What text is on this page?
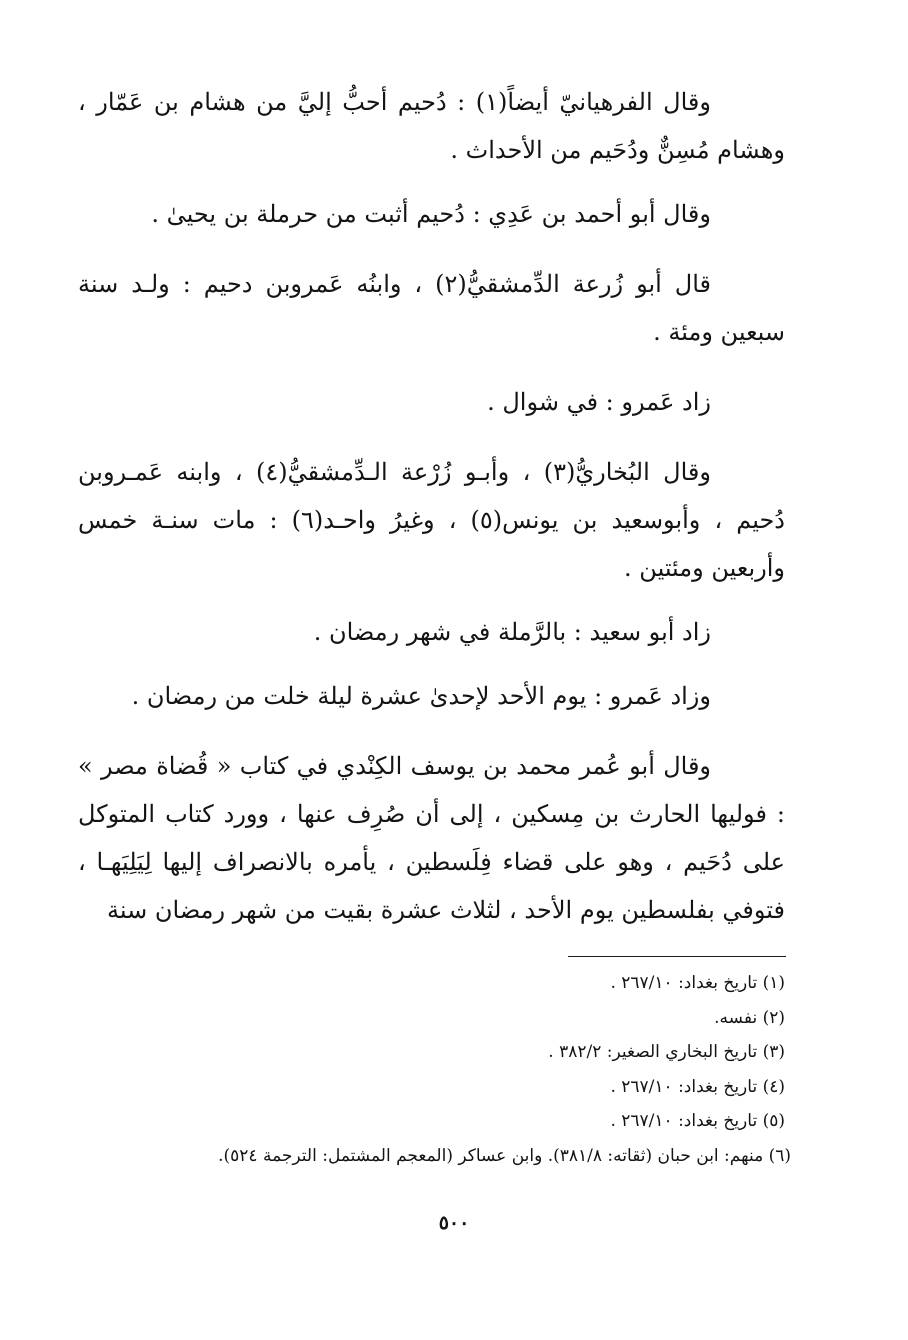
وقال الفرهيانيّ أيضاً(١) : دُحيم أحبُّ إليَّ من هشام بن عَمّار ، وهشام مُسِنٌّ ودُحَيم من الأحداث .

وقال أبو أحمد بن عَدِي : دُحيم أثبت من حرملة بن يحيىٰ .

قال أبو زُرعة الدِّمشقيُّ(٢) ، وابنُه عَمروبن دحيم : ولـد سنة سبعين ومئة .

زاد عَمرو : في شوال .

وقال البُخاريُّ(٣) ، وأبـو زُرْعة الـدِّمشقيُّ(٤) ، وابنه عَمـروبن دُحيم ، وأبوسعيد بن يونس(٥) ، وغيرُ واحـد(٦) : مات سنـة خمس وأربعين ومئتين .

زاد أبو سعيد : بالرَّملة في شهر رمضان .

وزاد عَمرو : يوم الأحد لإحدىٰ عشرة ليلة خلت من رمضان .

وقال أبو عُمر محمد بن يوسف الكِنْدي في كتاب « قُضاة مصر » : فوليها الحارث بن مِسكين ، إلى أن صُرِف عنها ، وورد كتاب المتوكل على دُحَيم ، وهو على قضاء فِلَسطين ، يأمره بالانصراف إليها لِيَلِيَهـا ، فتوفي بفلسطين يوم الأحد ، لثلاث عشرة بقيت من شهر رمضان سنة

(١) تاريخ بغداد: ٢٦٧/١٠ .

(٢) نفسه.

(٣) تاريخ البخاري الصغير: ٣٨٢/٢ .

(٤) تاريخ بغداد: ٢٦٧/١٠ .

(٥) تاريخ بغداد: ٢٦٧/١٠ .

(٦) منهم: ابن حبان (ثقاته: ٣٨١/٨). وابن عساكر (المعجم المشتمل: الترجمة ٥٢٤).

٥٠٠
